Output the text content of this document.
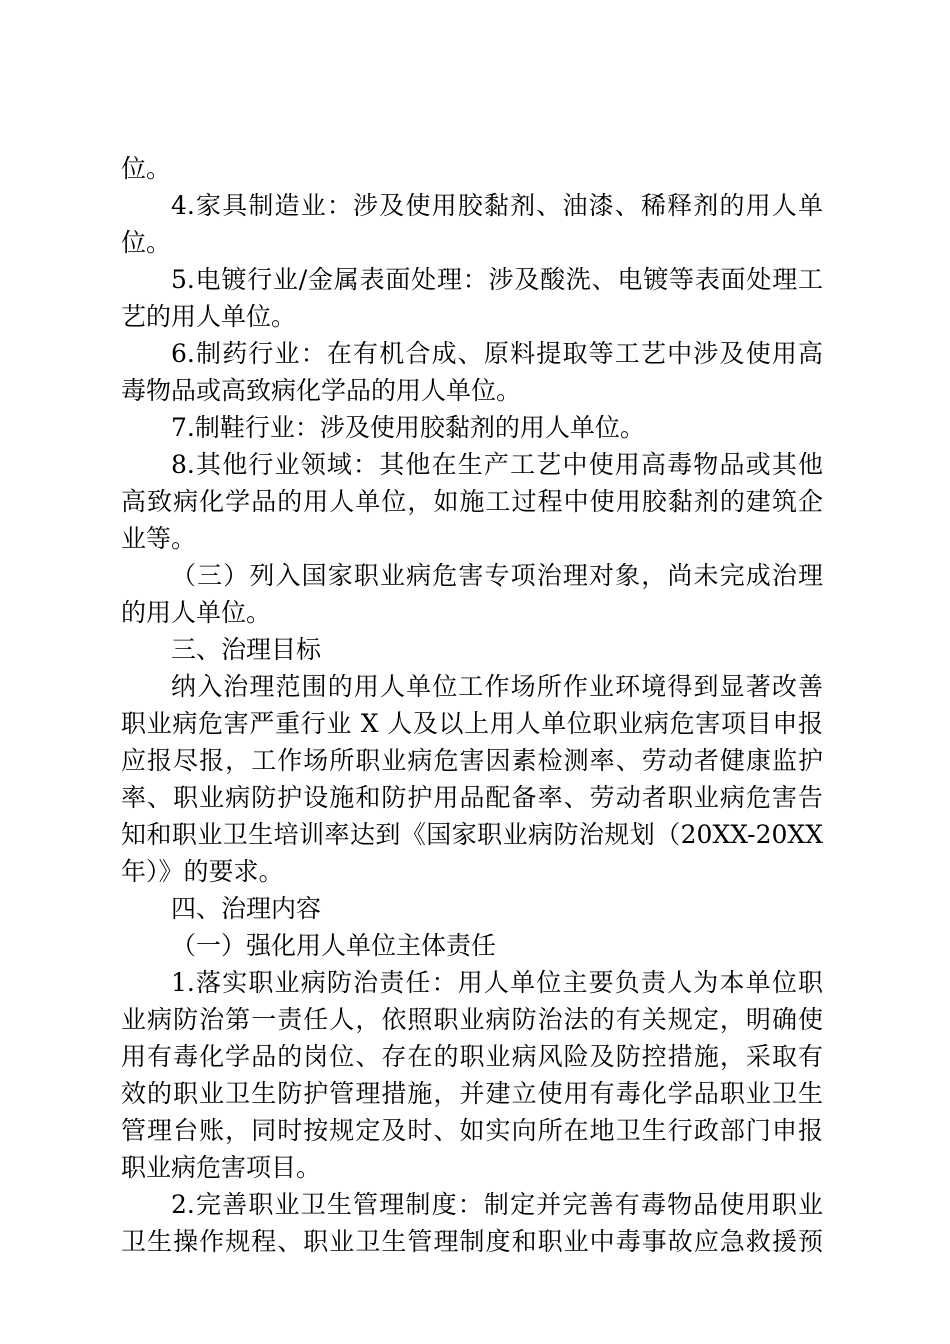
位。
4.家具制造业：涉及使用胶黏剂、油漆、稀释剂的用人单
位。
5.电镀行业/金属表面处理：涉及酸洗、电镀等表面处理工
艺的用人单位。
6.制药行业：在有机合成、原料提取等工艺中涉及使用高
毒物品或高致病化学品的用人单位。
7.制鞋行业：涉及使用胶黏剂的用人单位。
8.其他行业领域：其他在生产工艺中使用高毒物品或其他
高致病化学品的用人单位，如施工过程中使用胶黏剂的建筑企
业等。
（三）列入国家职业病危害专项治理对象，尚未完成治理
的用人单位。
三、治理目标
纳入治理范围的用人单位工作场所作业环境得到显著改善
职业病危害严重行业 X 人及以上用人单位职业病危害项目申报
应报尽报，工作场所职业病危害因素检测率、劳动者健康监护
率、职业病防护设施和防护用品配备率、劳动者职业病危害告
知和职业卫生培训率达到《国家职业病防治规划（20XX-20XX
年）》的要求。
四、治理内容
（一）强化用人单位主体责任
1.落实职业病防治责任：用人单位主要负责人为本单位职
业病防治第一责任人，依照职业病防治法的有关规定，明确使
用有毒化学品的岗位、存在的职业病风险及防控措施，采取有
效的职业卫生防护管理措施，并建立使用有毒化学品职业卫生
管理台账，同时按规定及时、如实向所在地卫生行政部门申报
职业病危害项目。
2.完善职业卫生管理制度：制定并完善有毒物品使用职业
卫生操作规程、职业卫生管理制度和职业中毒事故应急救援预
